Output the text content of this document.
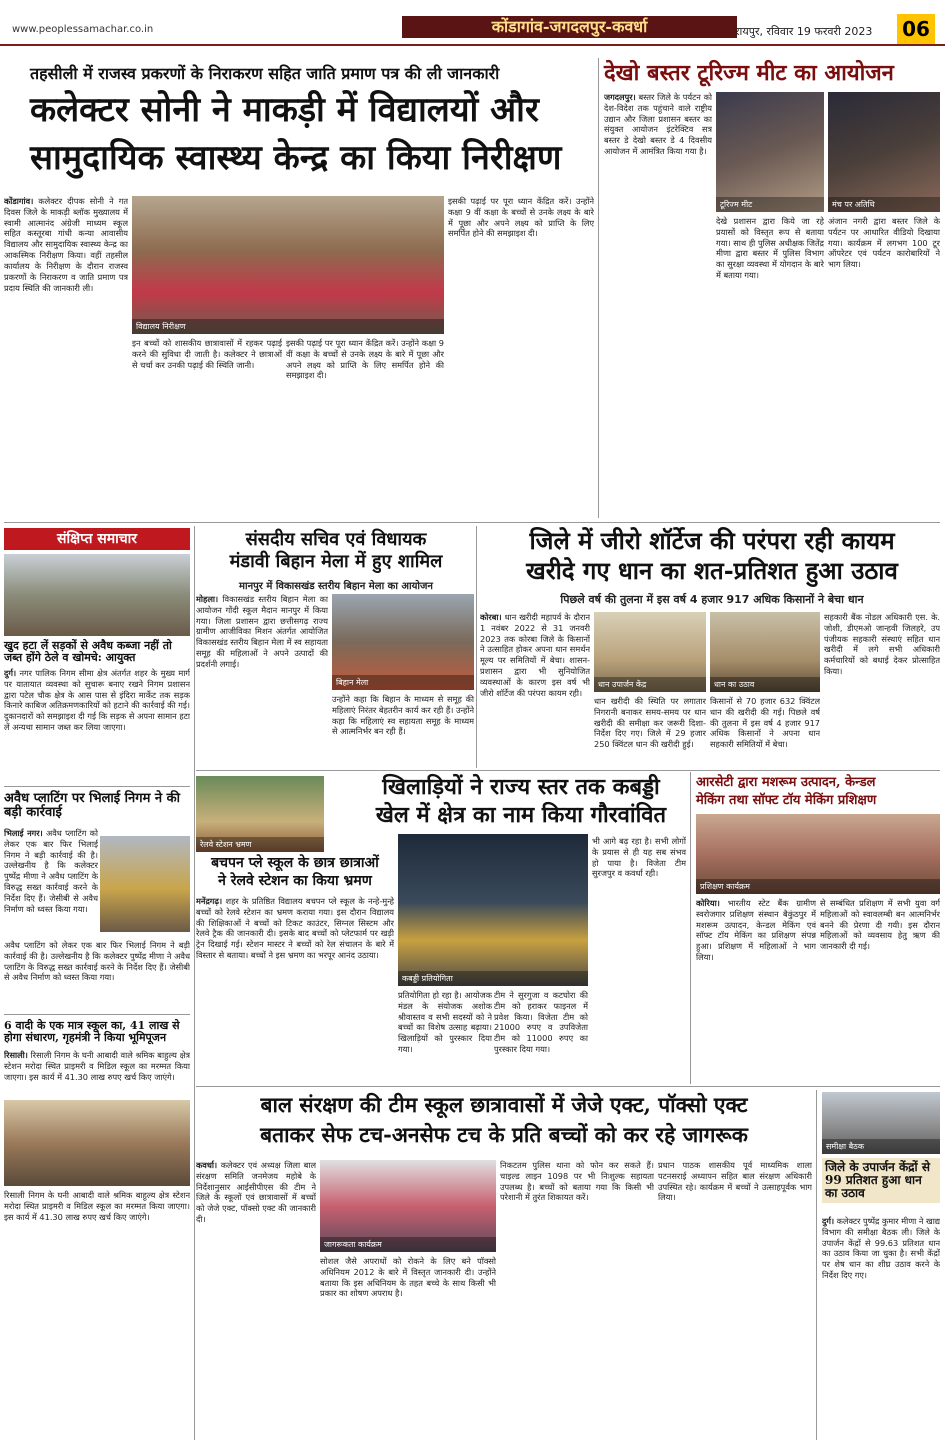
www.peoplessamachar.co.in	कोंडागांव-जगदलपुर-कवर्धा	रायपुर, रविवार 19 फरवरी 2023 06
तहसीली में राजस्व प्रकरणों के निराकरण सहित जाति प्रमाण पत्र की ली जानकारी
कलेक्टर सोनी ने माकड़ी में विद्यालयों और
सामुदायिक स्वास्थ्य केन्द्र का किया निरीक्षण
कोंडागांव। कलेक्टर दीपक सोनी ने गत दिवस जिले के माकड़ी ब्लॉक मुख्यालय में स्वामी आत्मानंद अंग्रेजी माध्यम स्कूल सहित कस्तूरबा गांधी कन्या आवासीय विद्यालय और सामुदायिक स्वास्थ्य केन्द्र का आकस्मिक निरीक्षण किया। वहीं तहसील कार्यालय के निरीक्षण के दौरान राजस्व प्रकरणों के निराकरण व जाति प्रमाण पत्र प्रदाय स्थिति की जानकारी ली।
विद्यालय निरीक्षण
इन बच्चों को शासकीय छात्रावासों में रहकर पढ़ाई करने की सुविधा दी जाती है। कलेक्टर ने छात्राओं से चर्चा कर उनकी पढ़ाई की स्थिति जानी।
इसकी पढ़ाई पर पूरा ध्यान केंद्रित करें। उन्होंने कक्षा 9 वीं कक्षा के बच्चों से उनके लक्ष्य के बारे में पूछा और अपने लक्ष्य को प्राप्ति के लिए समर्पित होने की समझाइश दी।
इसकी पढ़ाई पर पूरा ध्यान केंद्रित करें। उन्होंने कक्षा 9 वीं कक्षा के बच्चों से उनके लक्ष्य के बारे में पूछा और अपने लक्ष्य को प्राप्ति के लिए समर्पित होने की समझाइश दी।
देखो बस्तर टूरिज्म मीट का आयोजन
जगदलपुर। बस्तर जिले के पर्यटन को देश-विदेश तक पहुंचाने वाले राष्ट्रीय उद्यान और जिला प्रशासन बस्तर का संयुक्त आयोजन इंटरेक्टिव सत्र बस्तर डे देखो बस्तर डे 4 दिवसीय आयोजन में आमंत्रित किया गया है।
टूरिज्म मीट	मंच पर अतिथि
देखे प्रशासन द्वारा किये जा रहे प्रयासों को विस्तृत रूप से बताया गया। साथ ही पुलिस अधीक्षक जितेंद्र मीणा द्वारा बस्तर में पुलिस विभाग का सुरक्षा व्यवस्था में योगदान के बारे में बताया गया।
अंजान नगरी द्वारा बस्तर जिले के पर्यटन पर आधारित वीडियो दिखाया गया। कार्यक्रम में लगभग 100 टूर ऑपरेटर एवं पर्यटन कारोबारियों ने भाग लिया।
संक्षिप्त समाचार
खुद हटा लें सड़कों से अवैध कब्जा नहीं तो जब्त होंगे ठेले व खोमचे: आयुक्त
दुर्ग। नगर पालिक निगम सीमा क्षेत्र अंतर्गत शहर के मुख्य मार्ग पर यातायात व्यवस्था को सुचारू बनाए रखने निगम प्रशासन द्वारा पटेल चौक क्षेत्र के आस पास से इंदिरा मार्केट तक सड़क किनारे काबिज अतिक्रमणकारियों को हटाने की कार्रवाई की गई। दुकानदारों को समझाइश दी गई कि सड़क से अपना सामान हटा लें अन्यथा सामान जब्त कर लिया जाएगा।
अवैध प्लाटिंग पर भिलाई निगम ने की बड़ी कार्रवाई
भिलाई नगर। अवैध प्लाटिंग को लेकर एक बार फिर भिलाई निगम ने बड़ी कार्रवाई की है। उल्लेखनीय है कि कलेक्टर पुष्पेंद्र मीणा ने अवैध प्लाटिंग के विरुद्ध सख्त कार्रवाई करने के निर्देश दिए हैं। जेसीबी से अवैध निर्माण को ध्वस्त किया गया।
अवैध प्लाटिंग को लेकर एक बार फिर भिलाई निगम ने बड़ी कार्रवाई की है। उल्लेखनीय है कि कलेक्टर पुष्पेंद्र मीणा ने अवैध प्लाटिंग के विरुद्ध सख्त कार्रवाई करने के निर्देश दिए हैं। जेसीबी से अवैध निर्माण को ध्वस्त किया गया।
6 वादी के एक मात्र स्कूल का, 41 लाख से होगा संधारण, गृहमंत्री ने किया भूमिपूजन
रिसाली। रिसाली निगम के घनी आबादी वाले श्रमिक बाहुल्य क्षेत्र स्टेशन मरोदा स्थित प्राइमरी व मिडिल स्कूल का मरम्मत किया जाएगा। इस कार्य में 41.30 लाख रुपए खर्च किए जाएंगे।
रिसाली निगम के घनी आबादी वाले श्रमिक बाहुल्य क्षेत्र स्टेशन मरोदा स्थित प्राइमरी व मिडिल स्कूल का मरम्मत किया जाएगा। इस कार्य में 41.30 लाख रुपए खर्च किए जाएंगे।
संसदीय सचिव एवं विधायक
मंडावी बिहान मेला में हुए शामिल
मानपुर में विकासखंड स्तरीय बिहान मेला का आयोजन
मोहला। विकासखंड स्तरीय बिहान मेला का आयोजन गोंदी स्कूल मैदान मानपुर में किया गया। जिला प्रशासन द्वारा छत्तीसगढ़ राज्य ग्रामीण आजीविका मिशन अंतर्गत आयोजित विकासखंड स्तरीय बिहान मेला में स्व सहायता समूह की महिलाओं ने अपने उत्पादों की प्रदर्शनी लगाई।
बिहान मेला
उन्होंने कहा कि बिहान के माध्यम से समूह की महिलाएं निरंतर बेहतरीन कार्य कर रही हैं। उन्होंने कहा कि महिलाएं स्व सहायता समूह के माध्यम से आत्मनिर्भर बन रही हैं।
जिले में जीरो शॉर्टेज की परंपरा रही कायम
खरीदे गए धान का शत-प्रतिशत हुआ उठाव
पिछले वर्ष की तुलना में इस वर्ष 4 हजार 917 अधिक किसानों ने बेचा धान
कोरबा। धान खरीदी महापर्व के दौरान 1 नवंबर 2022 से 31 जनवरी 2023 तक कोरबा जिले के किसानों ने उत्साहित होकर अपना धान समर्थन मूल्य पर समितियों में बेचा। शासन-प्रशासन द्वारा भी सुनियोजित व्यवस्थाओं के कारण इस वर्ष भी जीरो शॉर्टेज की परंपरा कायम रही।
धान उपार्जन केंद्र	धान का उठाव
धान खरीदी की स्थिति पर लगातार निगरानी बनाकर समय-समय पर धान खरीदी की समीक्षा कर जरूरी दिशा-निर्देश दिए गए। जिले में 29 हजार 250 क्विंटल धान की खरीदी हुई।
किसानों से 70 हजार 632 क्विंटल धान की खरीदी की गई। पिछले वर्ष की तुलना में इस वर्ष 4 हजार 917 अधिक किसानों ने अपना धान सहकारी समितियों में बेचा।
सहकारी बैंक नोडल अधिकारी एस. के. जोशी, डीएमओ जान्हवी जिलहरे, उप पंजीयक सहकारी संस्थाएं सहित धान खरीदी में लगे सभी अधिकारी कर्मचारियों को बधाई देकर प्रोत्साहित किया।
खिलाड़ियों ने राज्य स्तर तक कबड्डी
खेल में क्षेत्र का नाम किया गौरवांवित
कबड्डी प्रतियोगिता
प्रतियोगिता हो रहा है। आयोजक मंडल के संयोजक अशोक श्रीवास्तव व सभी सदस्यों को ने बच्चों का विशेष उत्साह बढ़ाया। खिलाड़ियों को पुरस्कार दिया गया।
टीम ने सुरगुजा व कटघोरा की टीम को हराकर फाइनल में प्रवेश किया। विजेता टीम को 21000 रुपए व उपविजेता टीम को 11000 रुपए का पुरस्कार दिया गया।
भी आगे बढ़ रहा है। सभी लोगों के प्रयास से ही यह सब संभव हो पाया है। विजेता टीम सुरजपुर व कवर्धा रही।
बचपन प्ले स्कूल के छात्र छात्राओं
ने रेलवे स्टेशन का किया भ्रमण
मनेंद्रगढ़। शहर के प्रतिष्ठित विद्यालय बचपन प्ले स्कूल के नन्हे-मुन्हे बच्चों को रेलवे स्टेशन का भ्रमण कराया गया। इस दौरान विद्यालय की शिक्षिकाओं ने बच्चों को टिकट काउंटर, सिग्नल सिस्टम और रेलवे ट्रैक की जानकारी दी। इसके बाद बच्चों को प्लेटफार्म पर खड़ी ट्रेन दिखाई गई। स्टेशन मास्टर ने बच्चों को रेल संचालन के बारे में विस्तार से बताया। बच्चों ने इस भ्रमण का भरपूर आनंद उठाया।
रेलवे स्टेशन भ्रमण
आरसेटी द्वारा मशरूम उत्पादन, केन्डल
मेकिंग तथा सॉफ्ट टॉय मेकिंग प्रशिक्षण
प्रशिक्षण कार्यक्रम
कोरिया। भारतीय स्टेट बैंक ग्रामीण स्वरोजगार प्रशिक्षण संस्थान बैकुंठपुर में मशरूम उत्पादन, केन्डल मेकिंग एवं सॉफ्ट टॉय मेकिंग का प्रशिक्षण संपन्न हुआ। प्रशिक्षण में महिलाओं ने भाग लिया।
से सम्बंधित प्रशिक्षण में सभी युवा वर्ग महिलाओं को स्वावलम्बी बन आत्मनिर्भर बनने की प्रेरणा दी गयी। इस दौरान महिलाओं को व्यवसाय हेतु ऋण की जानकारी दी गई।
बाल संरक्षण की टीम स्कूल छात्रावासों में जेजे एक्ट, पॉक्सो एक्ट
बताकर सेफ टच-अनसेफ टच के प्रति बच्चों को कर रहे जागरूक
कवर्धा। कलेक्टर एवं अध्यक्ष जिला बाल संरक्षण समिति जनमेजय महोबे के निर्देशानुसार आईसीपीएस की टीम ने जिले के स्कूलों एवं छात्रावासों में बच्चों को जेजे एक्ट, पॉक्सो एक्ट की जानकारी दी।
जागरूकता कार्यक्रम
सोशल जैसे अपराधों को रोकने के लिए बने पॉक्सो अधिनियम 2012 के बारे में विस्तृत जानकारी दी। उन्होंने बताया कि इस अधिनियम के तहत बच्चे के साथ किसी भी प्रकार का शोषण अपराध है।
निकटतम पुलिस थाना को फोन कर सकते हैं। चाइल्ड लाइन 1098 पर भी निःशुल्क सहायता उपलब्ध है। बच्चों को बताया गया कि किसी भी परेशानी में तुरंत शिकायत करें।
प्रधान पाठक शासकीय पूर्व माध्यमिक शाला पटनसराई अध्यापन सहित बाल संरक्षण अधिकारी उपस्थित रहे। कार्यक्रम में बच्चों ने उत्साहपूर्वक भाग लिया।
समीक्षा बैठक
जिले के उपार्जन केंद्रों से 99 प्रतिशत हुआ धान का उठाव
दुर्ग। कलेक्टर पुष्पेंद्र कुमार मीणा ने खाद्य विभाग की समीक्षा बैठक ली। जिले के उपार्जन केंद्रों से 99.63 प्रतिशत धान का उठाव किया जा चुका है। सभी केंद्रों पर शेष धान का शीघ्र उठाव करने के निर्देश दिए गए।
